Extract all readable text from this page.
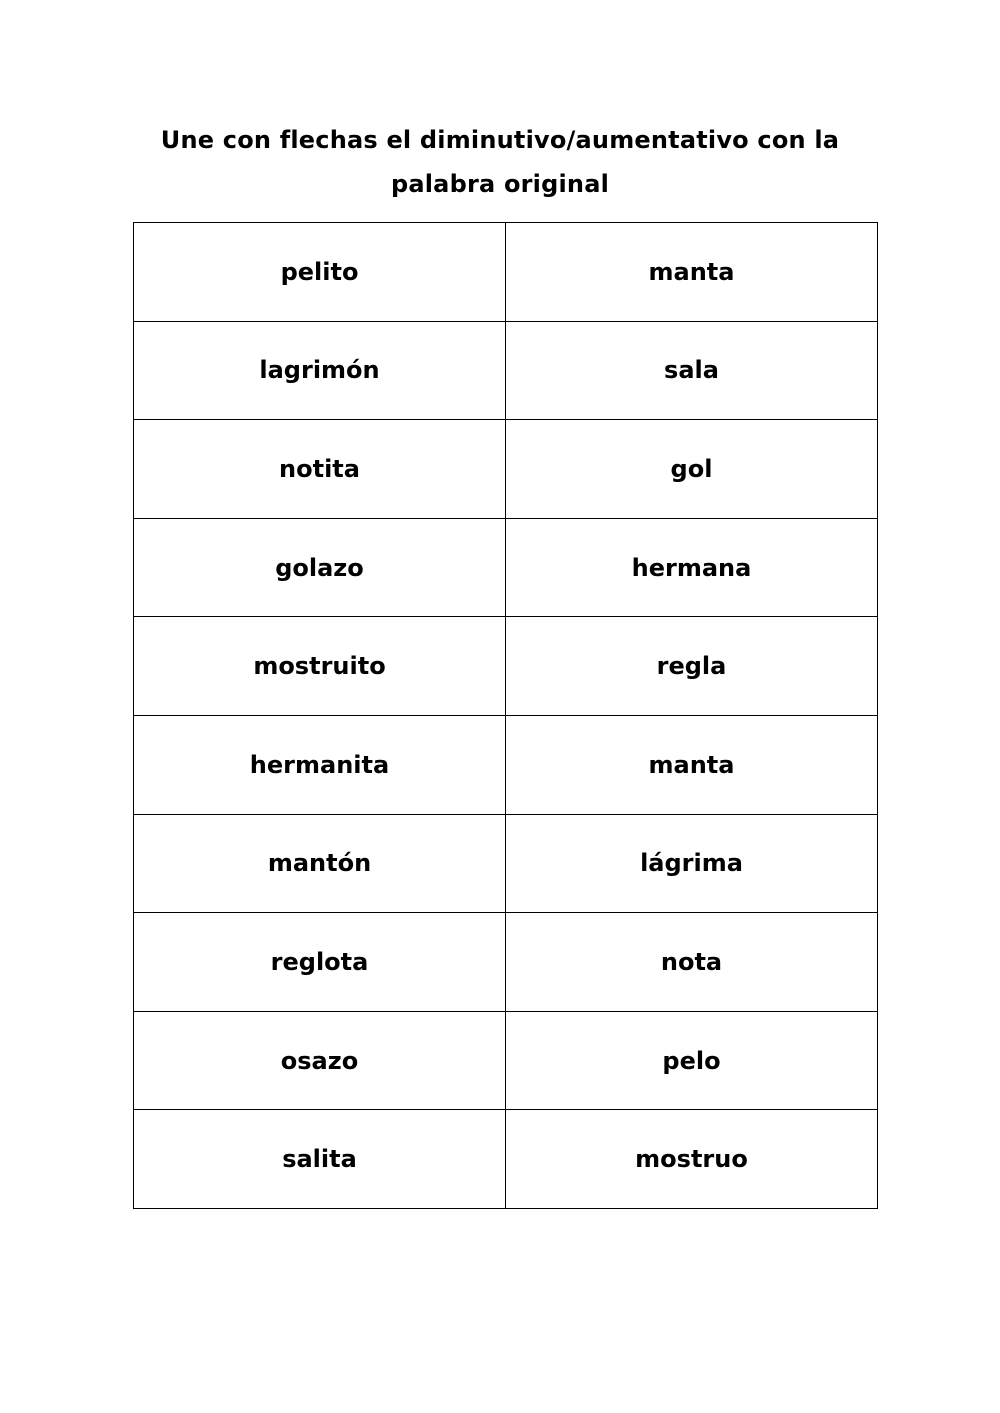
Une con flechas el diminutivo/aumentativo con la
palabra original
pelito	manta
lagrimón	sala
notita	gol
golazo	hermana
mostruito	regla
hermanita	manta
mantón	lágrima
reglota	nota
osazo	pelo
salita	mostruo
